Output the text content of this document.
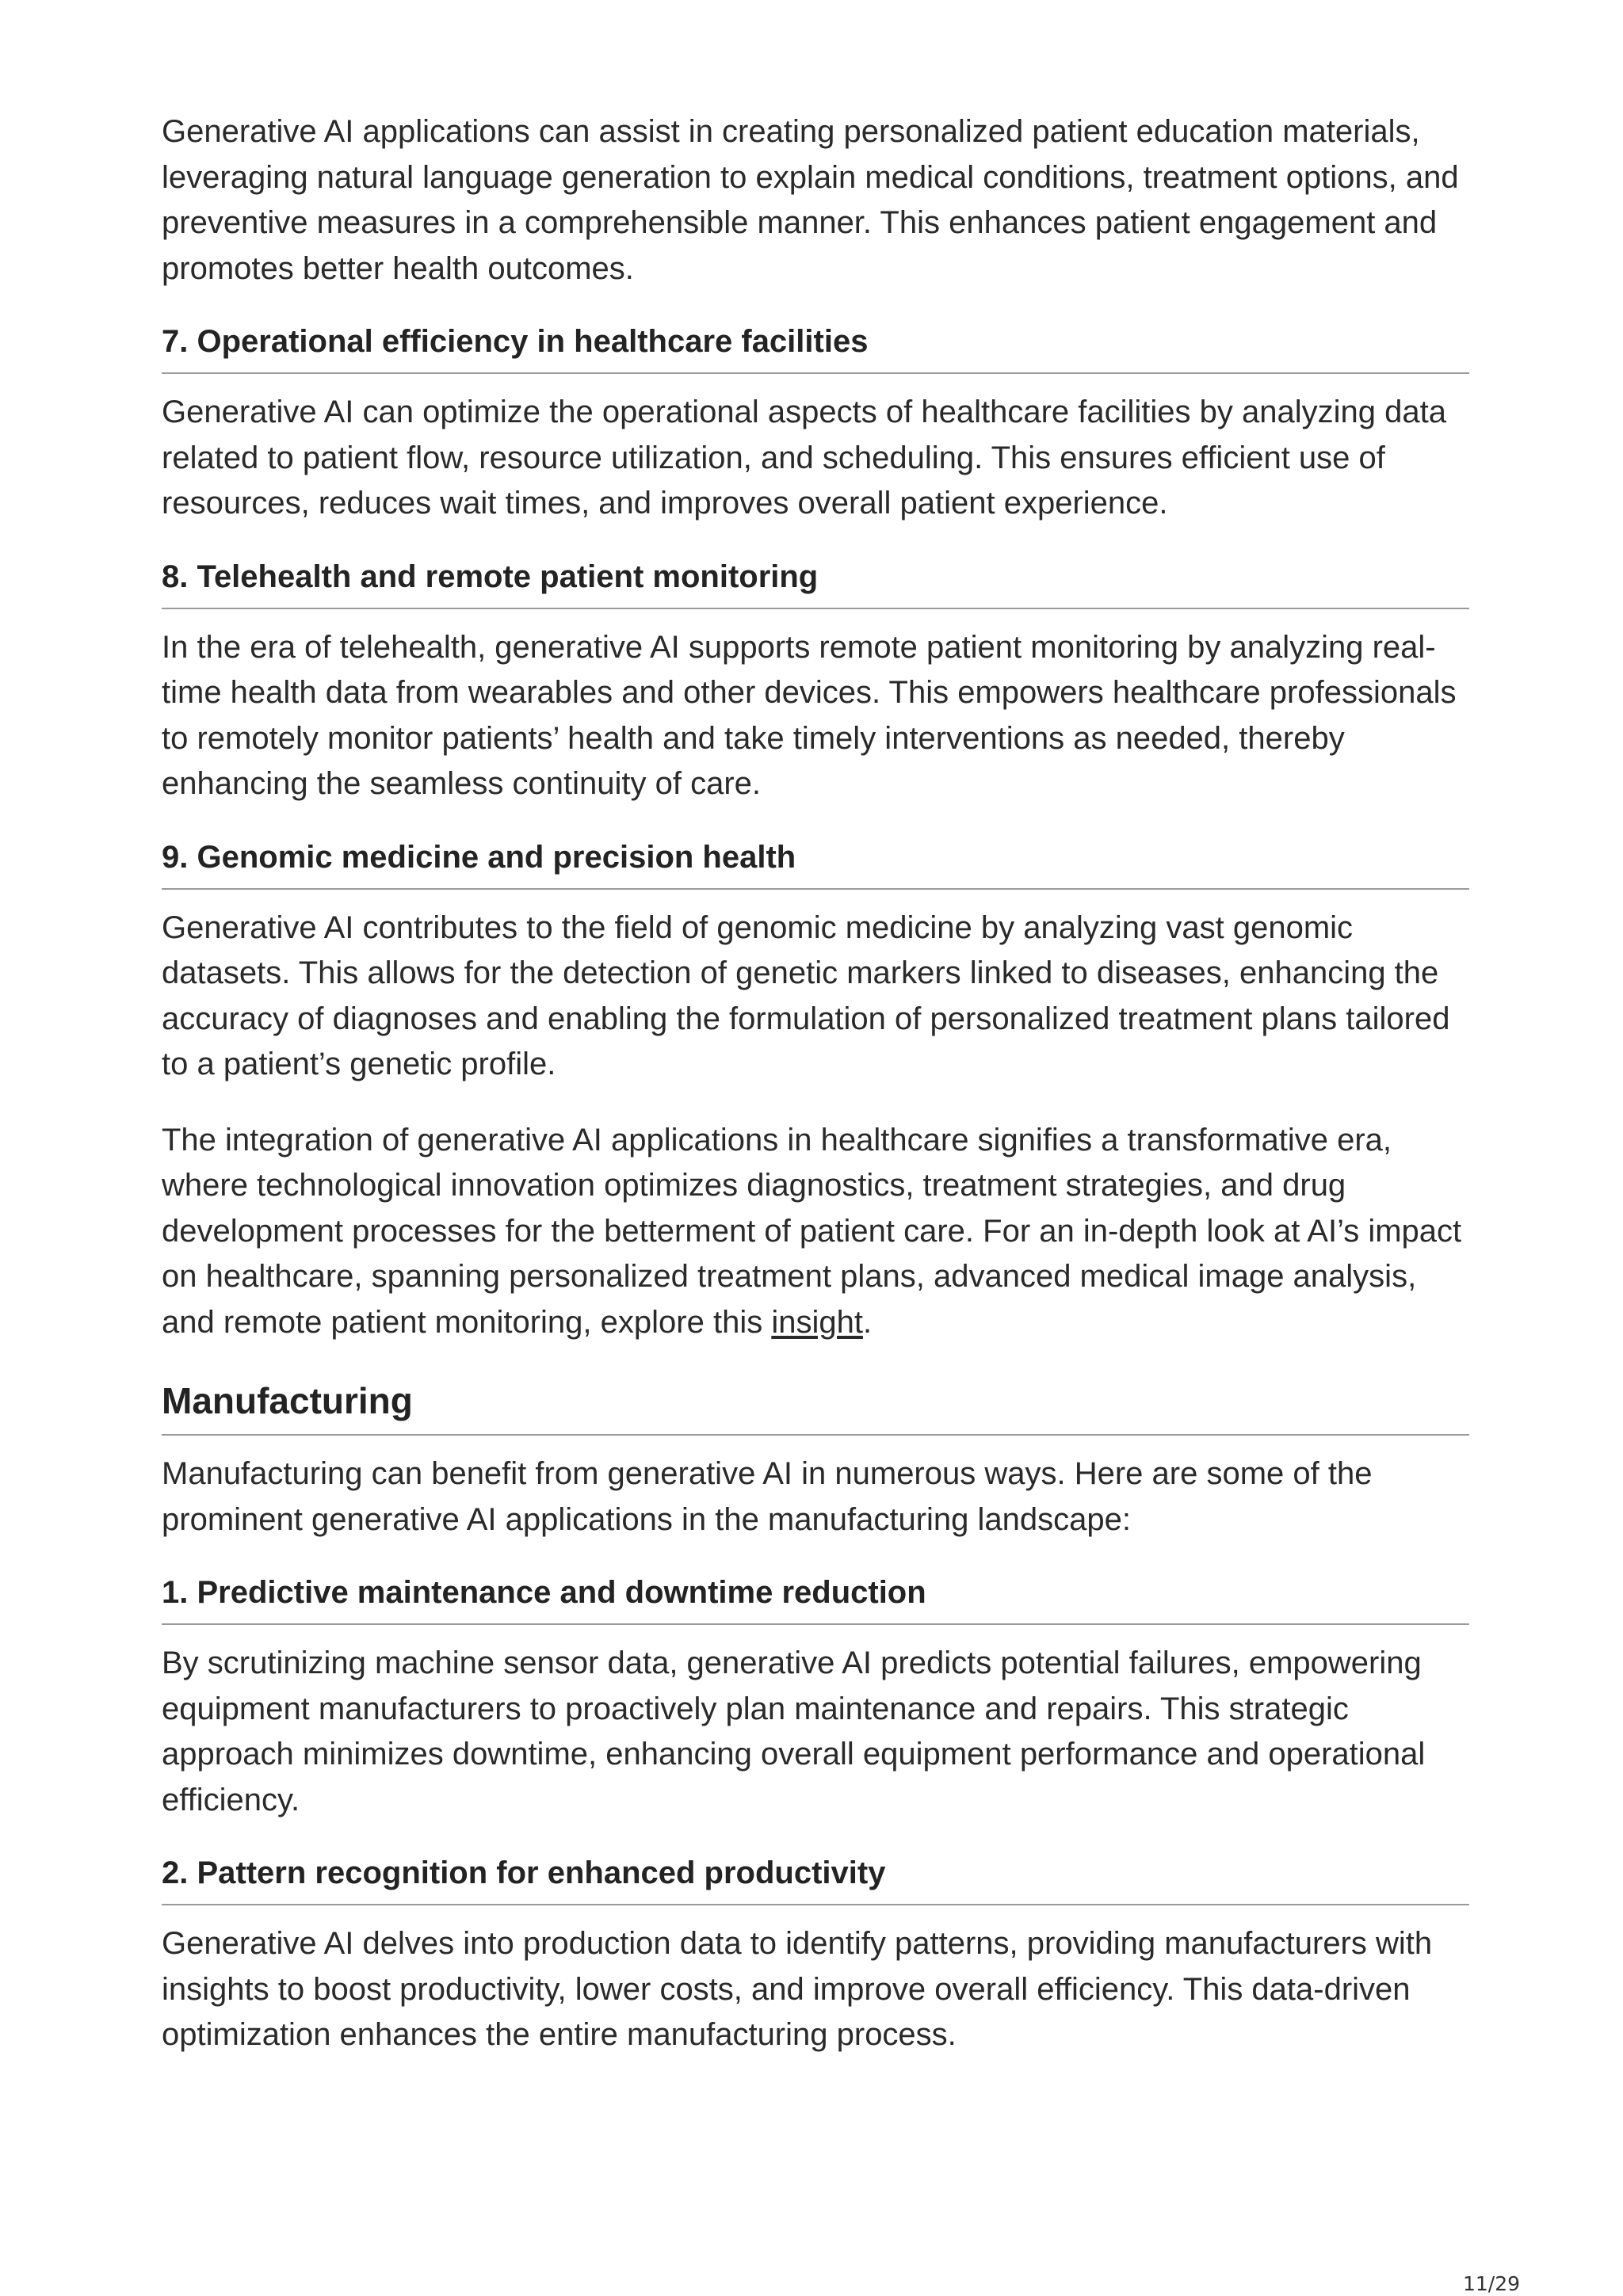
Generative AI applications can assist in creating personalized patient education materials, leveraging natural language generation to explain medical conditions, treatment options, and preventive measures in a comprehensible manner. This enhances patient engagement and promotes better health outcomes.

7. Operational efficiency in healthcare facilities

Generative AI can optimize the operational aspects of healthcare facilities by analyzing data related to patient flow, resource utilization, and scheduling. This ensures efficient use of resources, reduces wait times, and improves overall patient experience.

8. Telehealth and remote patient monitoring

In the era of telehealth, generative AI supports remote patient monitoring by analyzing real-time health data from wearables and other devices. This empowers healthcare professionals to remotely monitor patients’ health and take timely interventions as needed, thereby enhancing the seamless continuity of care.

9. Genomic medicine and precision health

Generative AI contributes to the field of genomic medicine by analyzing vast genomic datasets. This allows for the detection of genetic markers linked to diseases, enhancing the accuracy of diagnoses and enabling the formulation of personalized treatment plans tailored to a patient’s genetic profile.

The integration of generative AI applications in healthcare signifies a transformative era, where technological innovation optimizes diagnostics, treatment strategies, and drug development processes for the betterment of patient care. For an in-depth look at AI’s impact on healthcare, spanning personalized treatment plans, advanced medical image analysis, and remote patient monitoring, explore this insight.

Manufacturing

Manufacturing can benefit from generative AI in numerous ways. Here are some of the prominent generative AI applications in the manufacturing landscape:

1. Predictive maintenance and downtime reduction

By scrutinizing machine sensor data, generative AI predicts potential failures, empowering equipment manufacturers to proactively plan maintenance and repairs. This strategic approach minimizes downtime, enhancing overall equipment performance and operational efficiency.

2. Pattern recognition for enhanced productivity

Generative AI delves into production data to identify patterns, providing manufacturers with insights to boost productivity, lower costs, and improve overall efficiency. This data-driven optimization enhances the entire manufacturing process.

11/29
